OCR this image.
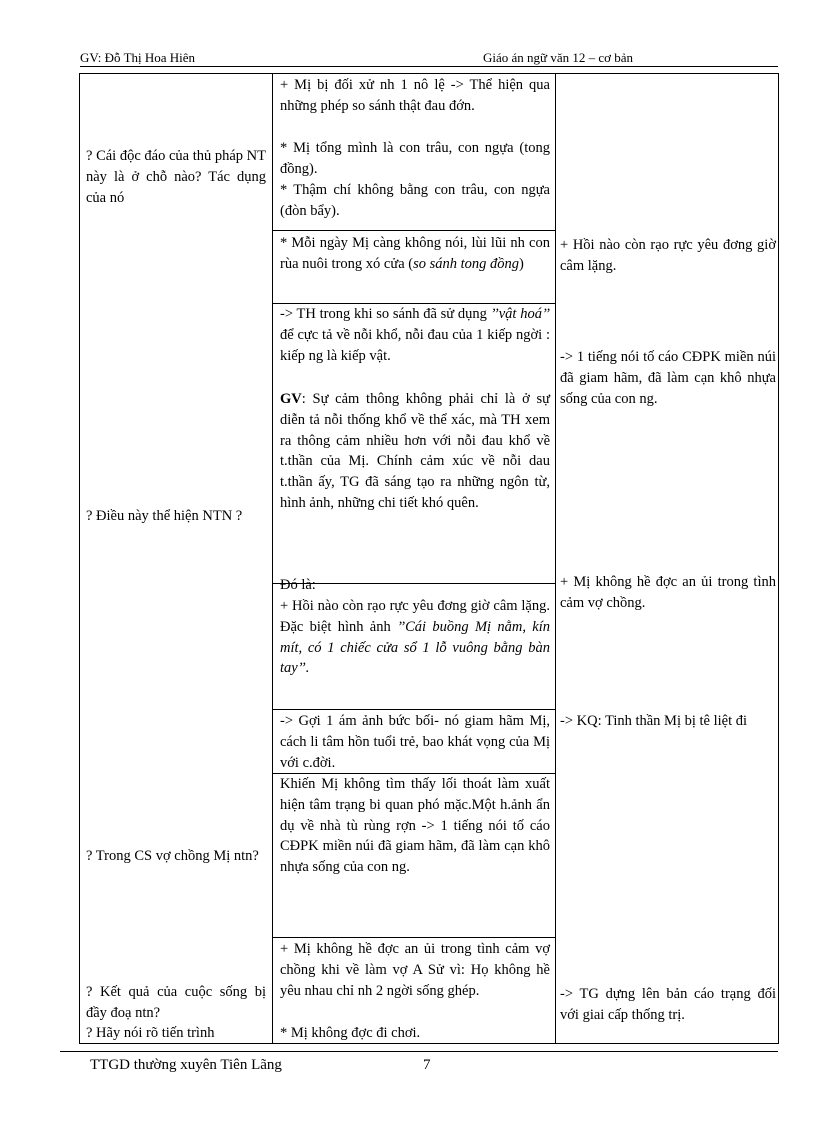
GV: Đỗ Thị Hoa Hiên	Giáo án ngữ văn 12 – cơ bản
? Cái độc đáo của thủ pháp NT này là ở chỗ nào? Tác dụng của nó
? Điều này thể hiện NTN ?
? Trong CS vợ chồng Mị ntn?
? Kết quả của cuộc sống bị đầy đoạ ntn?
? Hãy nói rõ tiến trình
+ Mị bị đối xử nh 1 nô lệ -> Thể hiện qua những phép so sánh thật đau đớn.
* Mị tổng mình là con trâu, con ngựa (tong đồng).
* Thậm chí không bằng con trâu, con ngựa (đòn bẩy).
* Mỗi ngày Mị càng không nói, lùi lũi nh con rùa nuôi trong xó cửa (so sánh tong đồng)
-> TH trong khi so sánh đã sử dụng ’’vật hoá’’ để cực tả về nỗi khổ, nỗi đau của 1 kiếp ngời : kiếp ng là kiếp vật.
GV: Sự cảm thông không phải chỉ là ở sự diễn tả nỗi thống khổ về thể xác, mà TH xem ra thông cảm nhiều hơn với nỗi đau khổ về t.thần của Mị. Chính cảm xúc về nỗi dau t.thần ấy, TG đã sáng tạo ra những ngôn từ, hình ảnh, những chi tiết khó quên.
Đó là:
+ Hồi nào còn rạo rực yêu đơng giờ câm lặng. Đặc biệt hình ảnh ’’Cái buồng Mị nằm, kín mít, có 1 chiếc cửa sổ 1 lỗ vuông bằng bàn tay’’.
-> Gợi 1 ám ảnh bức bối- nó giam hãm Mị, cách li tâm hồn tuổi trẻ, bao khát vọng của Mị với c.đời.
Khiến Mị không tìm thấy lối thoát làm xuất hiện tâm trạng bi quan phó mặc.Một h.ảnh ẩn dụ về nhà tù rùng rợn -> 1 tiếng nói tố cáo CĐPK miền núi đã giam hãm, đã làm cạn khô nhựa sống của con ng.
+ Mị không hề đợc an ủi trong tình cảm vợ chồng khi về làm vợ A Sử vì: Họ không hề yêu nhau chỉ nh 2 ngời sống ghép.
* Mị không đợc đi chơi.
+ Hồi nào còn rạo rực yêu đơng giờ câm lặng.
-> 1 tiếng nói tố cáo CĐPK miền núi đã giam hãm, đã làm cạn khô nhựa sống của con ng.
+ Mị không hề đợc an ủi trong tình cảm vợ chồng.
-> KQ: Tinh thần Mị bị tê liệt đi
-> TG dựng lên bản cáo trạng đối với giai cấp thống trị.
TTGD thường xuyên Tiên Lãng	7
